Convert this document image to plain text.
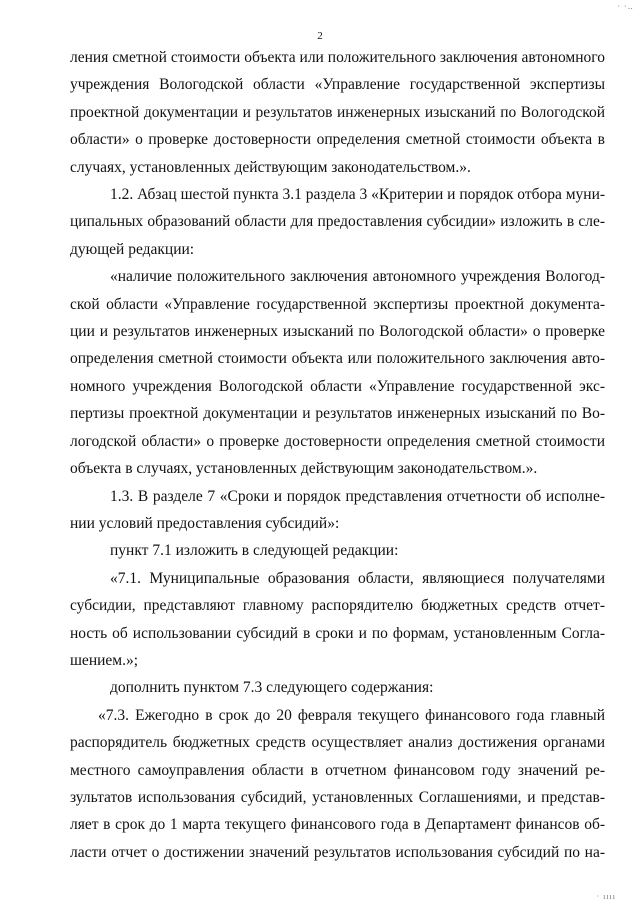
2

ления сметной стоимости объекта или положительного заключения автономного
учреждения Вологодской области «Управление государственной экспертизы
проектной документации и результатов инженерных изысканий по Вологодской
области» о проверке достоверности определения сметной стоимости объекта в
случаях, установленных действующим законодательством.».

1.2. Абзац шестой пункта 3.1 раздела 3 «Критерии и порядок отбора муни-
ципальных образований области для предоставления субсидии» изложить в сле-
дующей редакции:

«наличие положительного заключения автономного учреждения Вологод-
ской области «Управление государственной экспертизы проектной документа-
ции и результатов инженерных изысканий по Вологодской области» о проверке
определения сметной стоимости объекта или положительного заключения авто-
номного учреждения Вологодской области «Управление государственной экс-
пертизы проектной документации и результатов инженерных изысканий по Во-
логодской области» о проверке достоверности определения сметной стоимости
объекта в случаях, установленных действующим законодательством.».

1.3. В разделе 7 «Сроки и порядок представления отчетности об исполне-
нии условий предоставления субсидий»:

пункт 7.1 изложить в следующей редакции:

«7.1. Муниципальные образования области, являющиеся получателями
субсидии, представляют главному распорядителю бюджетных средств отчет-
ность об использовании субсидий в сроки и по формам, установленным Согла-
шением.»;

дополнить пунктом 7.3 следующего содержания:

«7.3. Ежегодно в срок до 20 февраля текущего финансового года главный
распорядитель бюджетных средств осуществляет анализ достижения органами
местного самоуправления области в отчетном финансовом году значений ре-
зультатов использования субсидий, установленных Соглашениями, и представ-
ляет в срок до 1 марта текущего финансового года в Департамент финансов об-
ласти отчет о достижении значений результатов использования субсидий по на-

· ·‥
· ıııı
